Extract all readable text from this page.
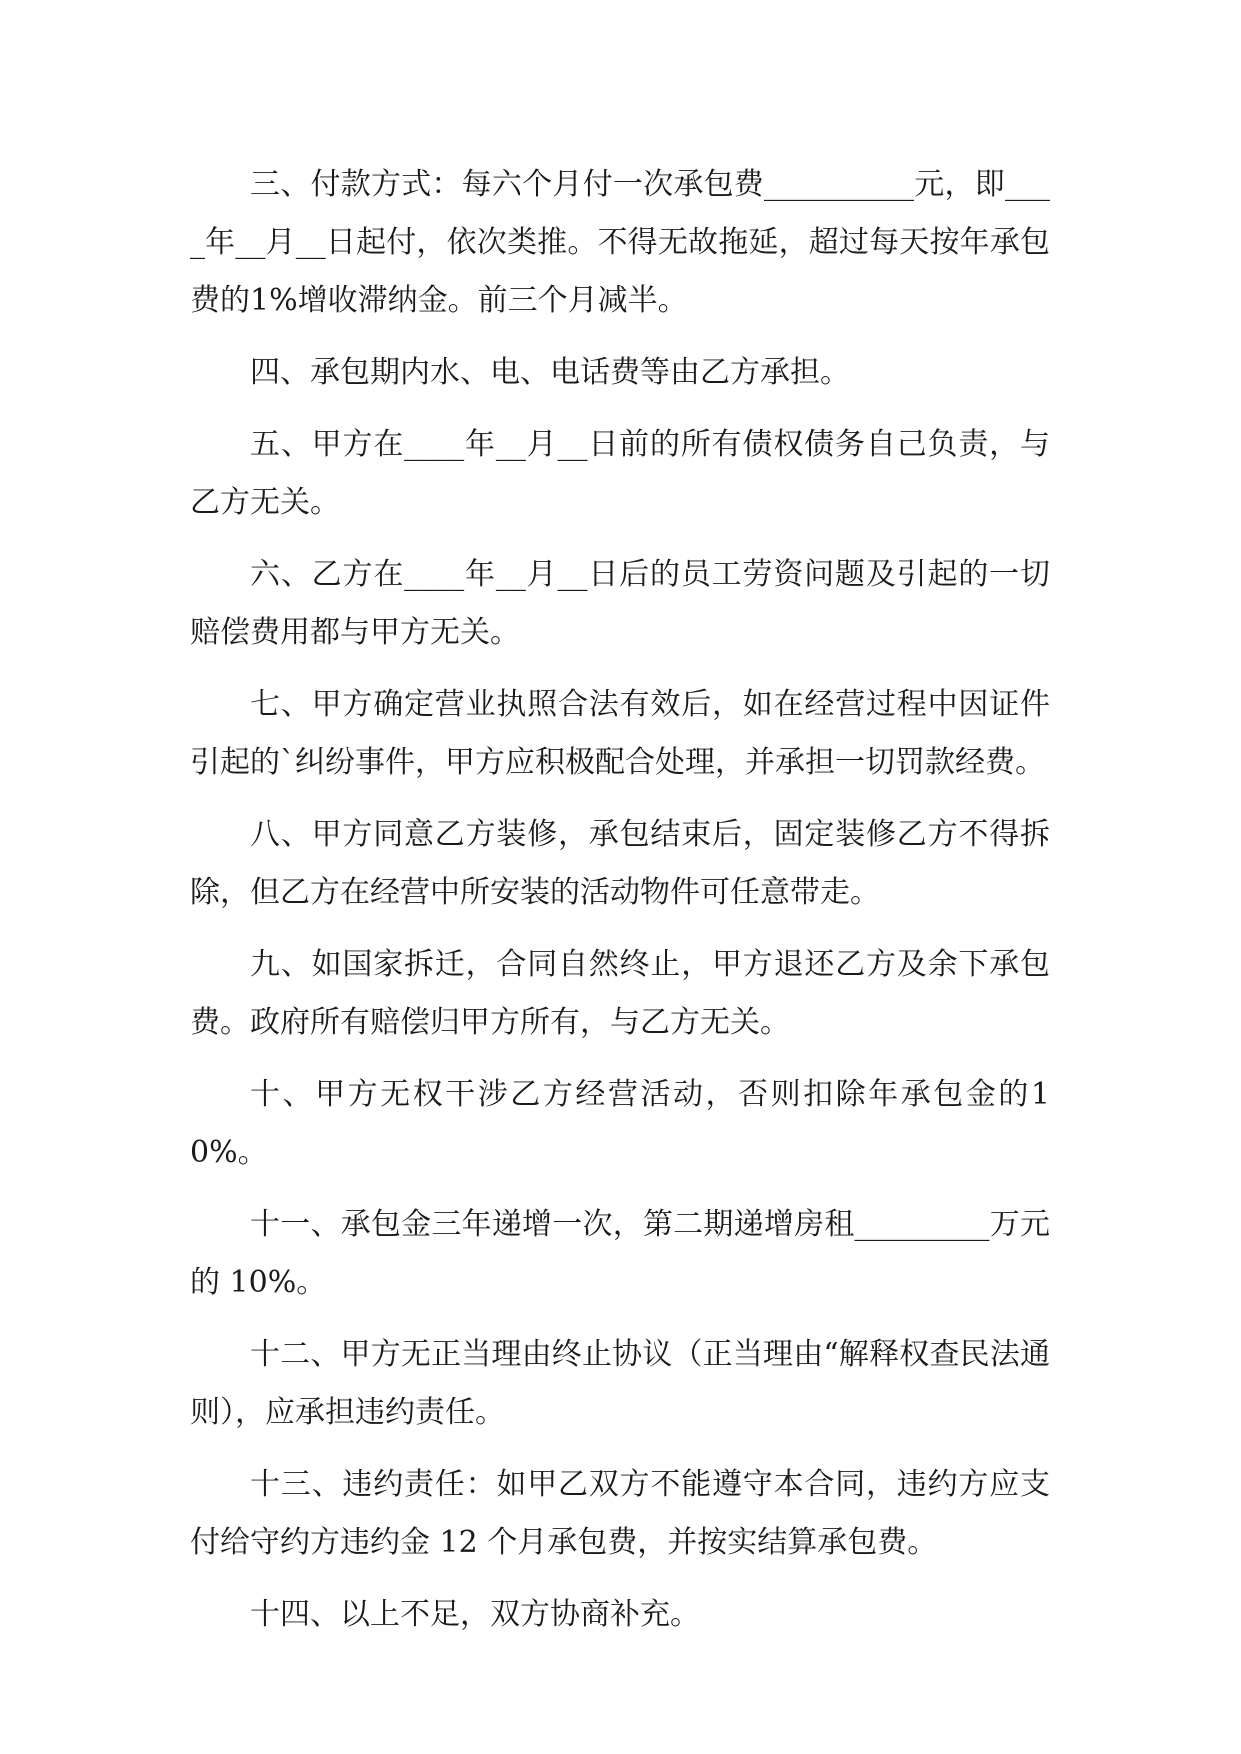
三、付款方式：每六个月付一次承包费__________元，即____年__月__日起付，依次类推。不得无故拖延，超过每天按年承包费的1%增收滞纳金。前三个月减半。

四、承包期内水、电、电话费等由乙方承担。

五、甲方在____年__月__日前的所有债权债务自己负责，与乙方无关。

六、乙方在____年__月__日后的员工劳资问题及引起的一切赔偿费用都与甲方无关。

七、甲方确定营业执照合法有效后，如在经营过程中因证件引起的`纠纷事件，甲方应积极配合处理，并承担一切罚款经费。

八、甲方同意乙方装修，承包结束后，固定装修乙方不得拆除，但乙方在经营中所安装的活动物件可任意带走。

九、如国家拆迁，合同自然终止，甲方退还乙方及余下承包费。政府所有赔偿归甲方所有，与乙方无关。

十、甲方无权干涉乙方经营活动，否则扣除年承包金的10%。

十一、承包金三年递增一次，第二期递增房租_________万元的 10%。

十二、甲方无正当理由终止协议（正当理由“解释权查民法通则），应承担违约责任。

十三、违约责任：如甲乙双方不能遵守本合同，违约方应支付给守约方违约金 12 个月承包费，并按实结算承包费。

十四、以上不足，双方协商补充。
